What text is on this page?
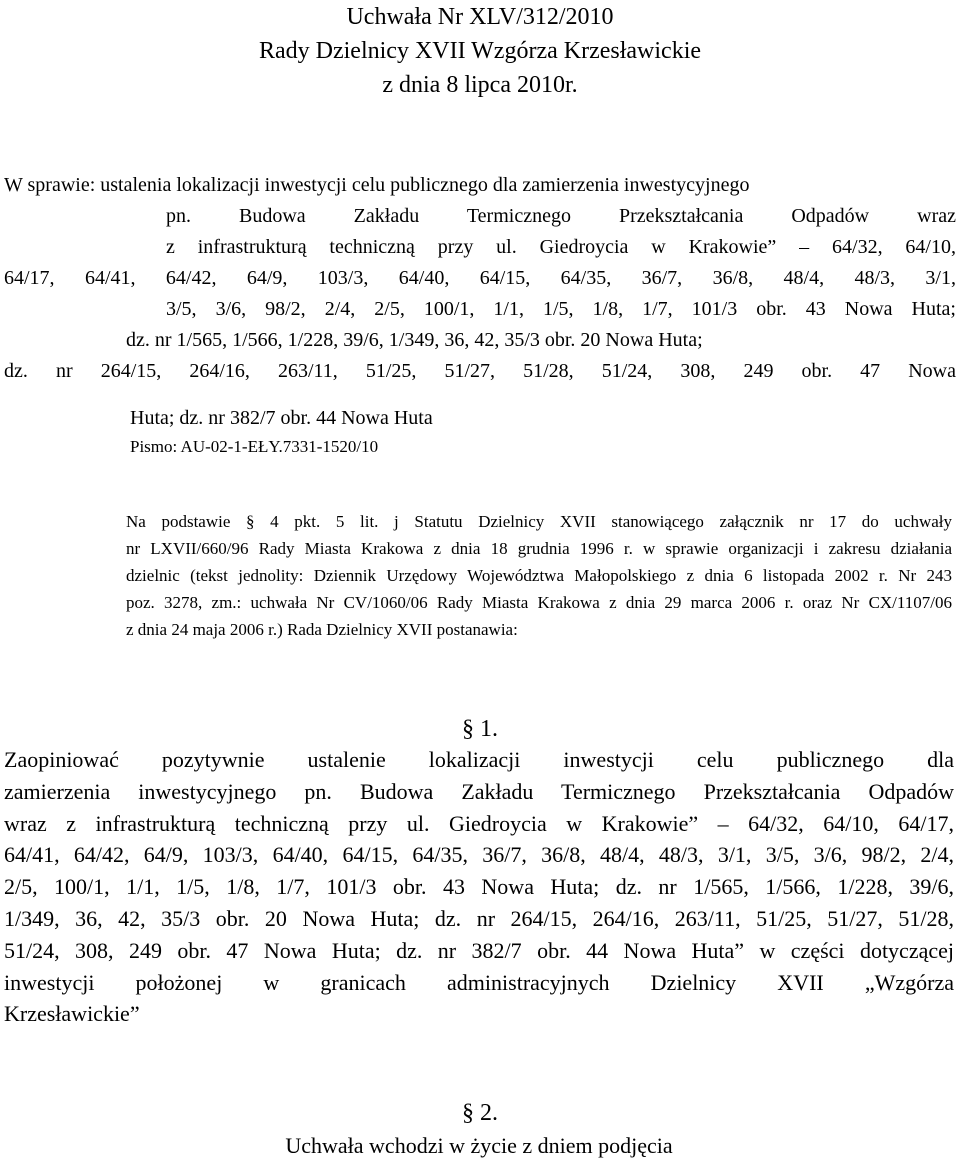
Uchwała Nr XLV/312/2010
Rady Dzielnicy XVII Wzgórza Krzesławickie
z dnia 8 lipca 2010r.
W sprawie: ustalenia lokalizacji inwestycji celu publicznego dla zamierzenia inwestycyjnego
pn. Budowa Zakładu Termicznego Przekształcania Odpadów wraz
z infrastrukturą techniczną przy ul. Giedroycia w Krakowie” – 64/32, 64/10,
64/17, 64/41, 64/42, 64/9, 103/3, 64/40, 64/15, 64/35, 36/7, 36/8, 48/4, 48/3, 3/1,
3/5, 3/6, 98/2, 2/4, 2/5, 100/1, 1/1, 1/5, 1/8, 1/7, 101/3 obr. 43 Nowa Huta;
dz. nr 1/565, 1/566, 1/228, 39/6, 1/349, 36, 42, 35/3 obr. 20 Nowa Huta;
dz. nr 264/15, 264/16, 263/11, 51/25, 51/27, 51/28, 51/24, 308, 249 obr. 47 Nowa
Huta; dz. nr 382/7 obr. 44 Nowa Huta
Pismo: AU-02-1-EŁY.7331-1520/10
Na podstawie § 4 pkt. 5 lit. j Statutu Dzielnicy XVII stanowiącego załącznik nr 17 do uchwały
nr LXVII/660/96 Rady Miasta Krakowa z dnia 18 grudnia 1996 r. w sprawie organizacji i zakresu działania
dzielnic (tekst jednolity: Dziennik Urzędowy Województwa Małopolskiego z dnia 6 listopada 2002 r. Nr 243
poz. 3278, zm.: uchwała Nr CV/1060/06 Rady Miasta Krakowa z dnia 29 marca 2006 r. oraz Nr CX/1107/06
z dnia 24 maja 2006 r.) Rada Dzielnicy XVII postanawia:
§ 1.
Zaopiniować pozytywnie ustalenie lokalizacji inwestycji celu publicznego dla
zamierzenia inwestycyjnego pn. Budowa Zakładu Termicznego Przekształcania Odpadów
wraz z infrastrukturą techniczną przy ul. Giedroycia w Krakowie” – 64/32, 64/10, 64/17,
64/41, 64/42, 64/9, 103/3, 64/40, 64/15, 64/35, 36/7, 36/8, 48/4, 48/3, 3/1, 3/5, 3/6, 98/2, 2/4,
2/5, 100/1, 1/1, 1/5, 1/8, 1/7, 101/3 obr. 43 Nowa Huta; dz. nr 1/565, 1/566, 1/228, 39/6,
1/349, 36, 42, 35/3 obr. 20 Nowa Huta; dz. nr 264/15, 264/16, 263/11, 51/25, 51/27, 51/28,
51/24, 308, 249 obr. 47 Nowa Huta; dz. nr 382/7 obr. 44 Nowa Huta” w części dotyczącej
inwestycji położonej w granicach administracyjnych Dzielnicy XVII „Wzgórza
Krzesławickie”
§ 2.
Uchwała wchodzi w życie z dniem podjęcia
